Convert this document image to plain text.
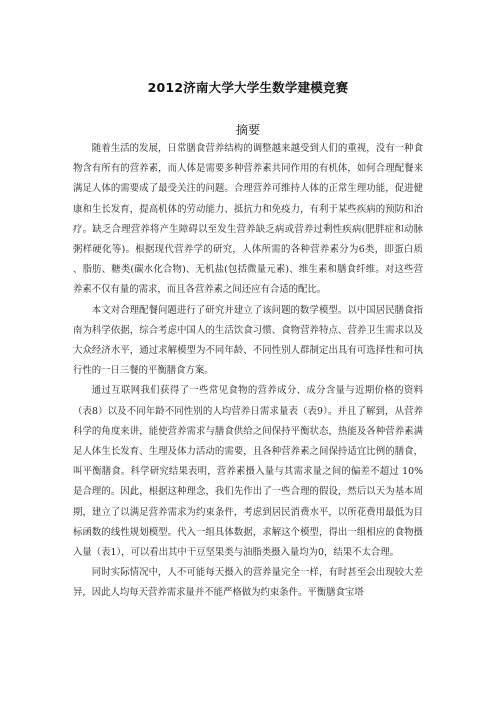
2012济南大学大学生数学建模竞赛
摘要

随着生活的发展，日常膳食营养结构的调整越来越受到人们的重视，没有一种食物含有所有的营养素，而人体是需要多种营养素共同作用的有机体，如何合理配餐来满足人体的需要成了最受关注的问题。合理营养可维持人体的正常生理功能，促进健康和生长发育，提高机体的劳动能力、抵抗力和免疫力，有利于某些疾病的预防和治疗。缺乏合理营养将产生障碍以至发生营养缺乏病或营养过剩性疾病(肥胖症和动脉粥样硬化等)。根据现代营养学的研究，人体所需的各种营养素分为6类，即蛋白质 、脂肪、糖类(碳水化合物)、无机盐(包括微量元素)、维生素和膳食纤维。对这些营养素不仅有量的需求，而且各营养素之间还应有合适的配比。

本文对合理配餐问题进行了研究并建立了该问题的数学模型。以中国居民膳食指南为科学依据，综合考虑中国人的生活饮食习惯、食物营养特点、营养卫生需求以及大众经济水平，通过求解模型为不同年龄、不同性别人群制定出具有可选择性和可执行性的一日三餐的平衡膳食方案。

通过互联网我们获得了一些常见食物的营养成分、成分含量与近期价格的资料（表8）以及不同年龄不同性别的人均营养日需求量表（表9）。并且了解到，从营养科学的角度来讲，能使营养需求与膳食供给之间保持平衡状态，热能及各种营养素满足人体生长发育、生理及体力活动的需要，且各种营养素之间保持适宜比例的膳食，叫平衡膳食。科学研究结果表明，营养素摄入量与其需求量之间的偏差不超过 10%是合理的。因此，根据这种理念，我们先作出了一些合理的假设，然后以天为基本周期，建立了以满足营养需求为约束条件，考虑到居民消费水平，以所花费用最低为目标函数的线性规划模型。代入一组具体数据，求解这个模型，得出一组相应的食物摄入量（表1），可以看出其中干豆坚果类与油脂类摄入量均为0，结果不太合理。

同时实际情况中，人不可能每天摄入的营养量完全一样，有时甚至会出现较大差异，因此人均每天营养需求量并不能严格做为约束条件。平衡膳食宝塔
